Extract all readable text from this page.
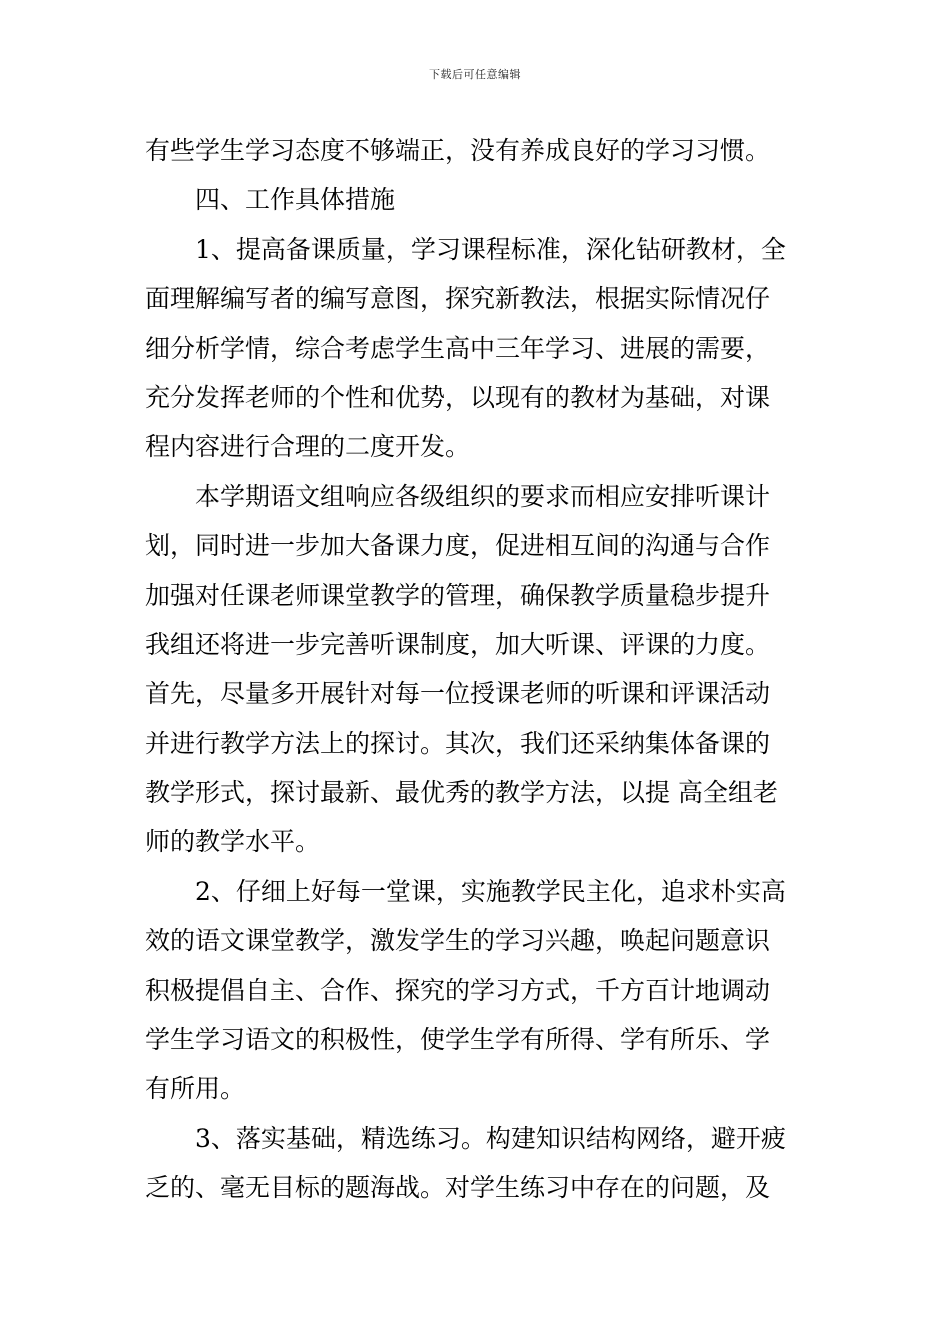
下载后可任意编辑
有些学生学习态度不够端正，没有养成良好的学习习惯。
四、工作具体措施
1、提高备课质量，学习课程标准，深化钻研教材，全
面理解编写者的编写意图，探究新教法，根据实际情况仔
细分析学情，综合考虑学生高中三年学习、进展的需要，
充分发挥老师的个性和优势，以现有的教材为基础，对课
程内容进行合理的二度开发。
本学期语文组响应各级组织的要求而相应安排听课计
划，同时进一步加大备课力度，促进相互间的沟通与合作
加强对任课老师课堂教学的管理，确保教学质量稳步提升
我组还将进一步完善听课制度，加大听课、评课的力度。
首先，尽量多开展针对每一位授课老师的听课和评课活动
并进行教学方法上的探讨。其次，我们还采纳集体备课的
教学形式，探讨最新、最优秀的教学方法，以提 高全组老
师的教学水平。
2、仔细上好每一堂课，实施教学民主化，追求朴实高
效的语文课堂教学，激发学生的学习兴趣，唤起问题意识
积极提倡自主、合作、探究的学习方式，千方百计地调动
学生学习语文的积极性，使学生学有所得、学有所乐、学
有所用。
3、落实基础，精选练习。构建知识结构网络，避开疲
乏的、毫无目标的题海战。对学生练习中存在的问题，及
